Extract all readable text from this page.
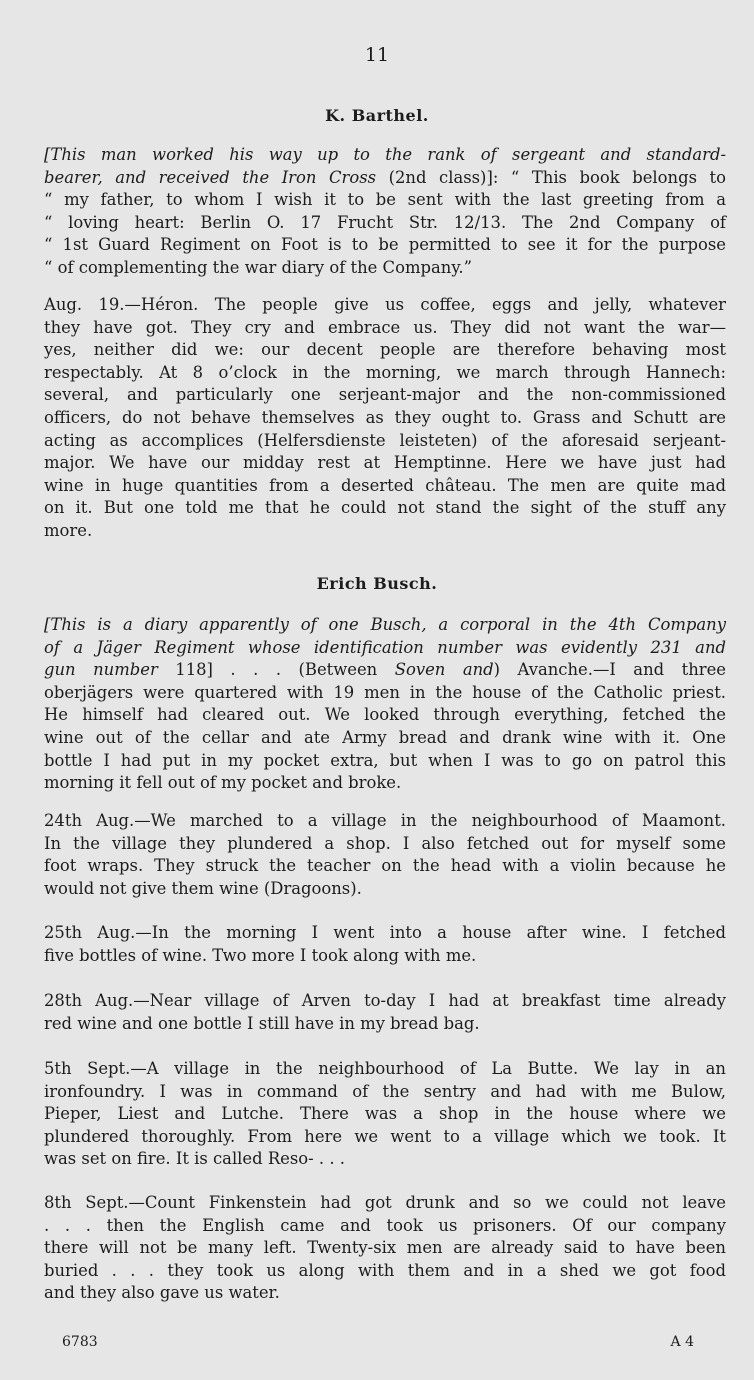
11
K. Barthel.
[This man worked his way up to the rank of sergeant and standard-
bearer, and received the Iron Cross (2nd class)]: “ This book belongs to
“ my father, to whom I wish it to be sent with the last greeting from a
“ loving heart: Berlin O. 17 Frucht Str. 12/13. The 2nd Company of
“ 1st Guard Regiment on Foot is to be permitted to see it for the purpose
“ of complementing the war diary of the Company.”
Aug. 19.—Héron. The people give us coffee, eggs and jelly, whatever
they have got. They cry and embrace us. They did not want the war—
yes, neither did we: our decent people are therefore behaving most
respectably. At 8 o’clock in the morning, we march through Hannech:
several, and particularly one serjeant-major and the non-commissioned
officers, do not behave themselves as they ought to. Grass and Schutt are
acting as accomplices (Helfersdienste leisteten) of the aforesaid serjeant-
major. We have our midday rest at Hemptinne. Here we have just had
wine in huge quantities from a deserted château. The men are quite mad
on it. But one told me that he could not stand the sight of the stuff any
more.
Erich Busch.
[This is a diary apparently of one Busch, a corporal in the 4th Company
of a Jäger Regiment whose identification number was evidently 231 and
gun number 118] . . . (Between Soven and) Avanche.—I and three
oberjägers were quartered with 19 men in the house of the Catholic priest.
He himself had cleared out. We looked through everything, fetched the
wine out of the cellar and ate Army bread and drank wine with it. One
bottle I had put in my pocket extra, but when I was to go on patrol this
morning it fell out of my pocket and broke.
24th Aug.—We marched to a village in the neighbourhood of Maamont.
In the village they plundered a shop. I also fetched out for myself some
foot wraps. They struck the teacher on the head with a violin because he
would not give them wine (Dragoons).
25th Aug.—In the morning I went into a house after wine. I fetched
five bottles of wine. Two more I took along with me.
28th Aug.—Near village of Arven to-day I had at breakfast time already
red wine and one bottle I still have in my bread bag.
5th Sept.—A village in the neighbourhood of La Butte. We lay in an
ironfoundry. I was in command of the sentry and had with me Bulow,
Pieper, Liest and Lutche. There was a shop in the house where we
plundered thoroughly. From here we went to a village which we took. It
was set on fire. It is called Reso- . . .
8th Sept.—Count Finkenstein had got drunk and so we could not leave
. . . then the English came and took us prisoners. Of our company
there will not be many left. Twenty-six men are already said to have been
buried . . . they took us along with them and in a shed we got food
and they also gave us water.
6783	A 4
